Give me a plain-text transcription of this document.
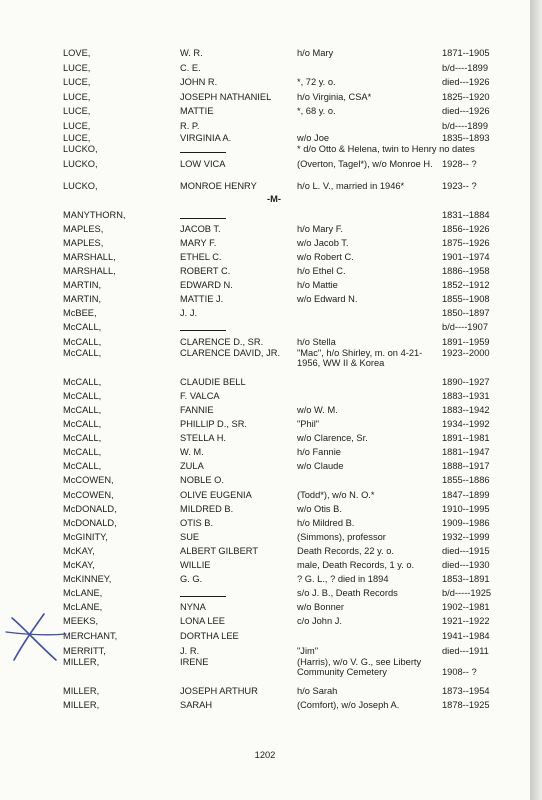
LOVE,	W. R.	h/o Mary	1871--1905
LUCE,	C. E.	b/d----1899
LUCE,	JOHN R.	*, 72 y. o.	died---1926
LUCE,	JOSEPH NATHANIEL	h/o Virginia, CSA*	1825--1920
LUCE,	MATTIE	*, 68 y. o.	died---1926
LUCE,	R. P.	b/d----1899
LUCE,	VIRGINIA A.	w/o Joe	1835--1893
LUCKO,	* d/o Otto & Helena, twin to Henry no dates
LUCKO,	LOW VICA	(Overton, Tagel*), w/o Monroe H. 1928-- ?
LUCKO,	MONROE HENRY	h/o L. V., married in 1946*	1923-- ?
MANYTHORN,	1831--1884
MAPLES,	JACOB T.	h/o Mary F.	1856--1926
MAPLES,	MARY F.	w/o Jacob T.	1875--1926
MARSHALL,	ETHEL C.	w/o Robert C.	1901--1974
MARSHALL,	ROBERT C.	h/o Ethel C.	1886--1958
MARTIN,	EDWARD N.	h/o Mattie	1852--1912
MARTIN,	MATTIE J.	w/o Edward N.	1855--1908
McBEE,	J. J.	1850--1897
McCALL,	b/d----1907
McCALL,	CLARENCE D., SR.	h/o Stella	1891--1959
McCALL,	CLARENCE DAVID, JR. "Mac", h/o Shirley, m. on 4-21-
1956, WW II & Korea
1923--2000
McCALL,	CLAUDIE BELL	1890--1927
McCALL,	F. VALCA	1883--1931
McCALL,	FANNIE	w/o W. M.	1883--1942
McCALL,	PHILLIP D., SR.	"Phil"	1934--1992
McCALL,	STELLA H.	w/o Clarence, Sr.	1891--1981
McCALL,	W. M.	h/o Fannie	1881--1947
McCALL,	ZULA	w/o Claude	1888--1917
McCOWEN,	NOBLE O.	1855--1886
McCOWEN,	OLIVE EUGENIA	(Todd*), w/o N. O.*	1847--1899
McDONALD,	MILDRED B.	w/o Otis B.	1910--1995
McDONALD,	OTIS B.	h/o Mildred B.	1909--1986
McGINITY,	SUE	(Simmons), professor	1932--1999
McKAY,	ALBERT GILBERT	Death Records, 22 y. o.	died---1915
McKAY,	WILLIE	male, Death Records, 1 y. o.	died---1930
McKINNEY,	G. G.	? G. L., ? died in 1894	1853--1891
McLANE,	s/o J. B., Death Records	b/d-----1925
McLANE,	NYNA	w/o Bonner	1902--1981
MEEKS,	LONA LEE	c/o John J.	1921--1922
MERCHANT,	DORTHA LEE	1941--1984
MERRITT,	J. R.	"Jim"	died---1911
MILLER,	IRENE	(Harris), w/o V. G., see Liberty
Community Cemetery	1908-- ?
MILLER,	JOSEPH ARTHUR	h/o Sarah	1873--1954
MILLER,	SARAH	(Comfort), w/o Joseph A.	1878--1925
-M-
1202
